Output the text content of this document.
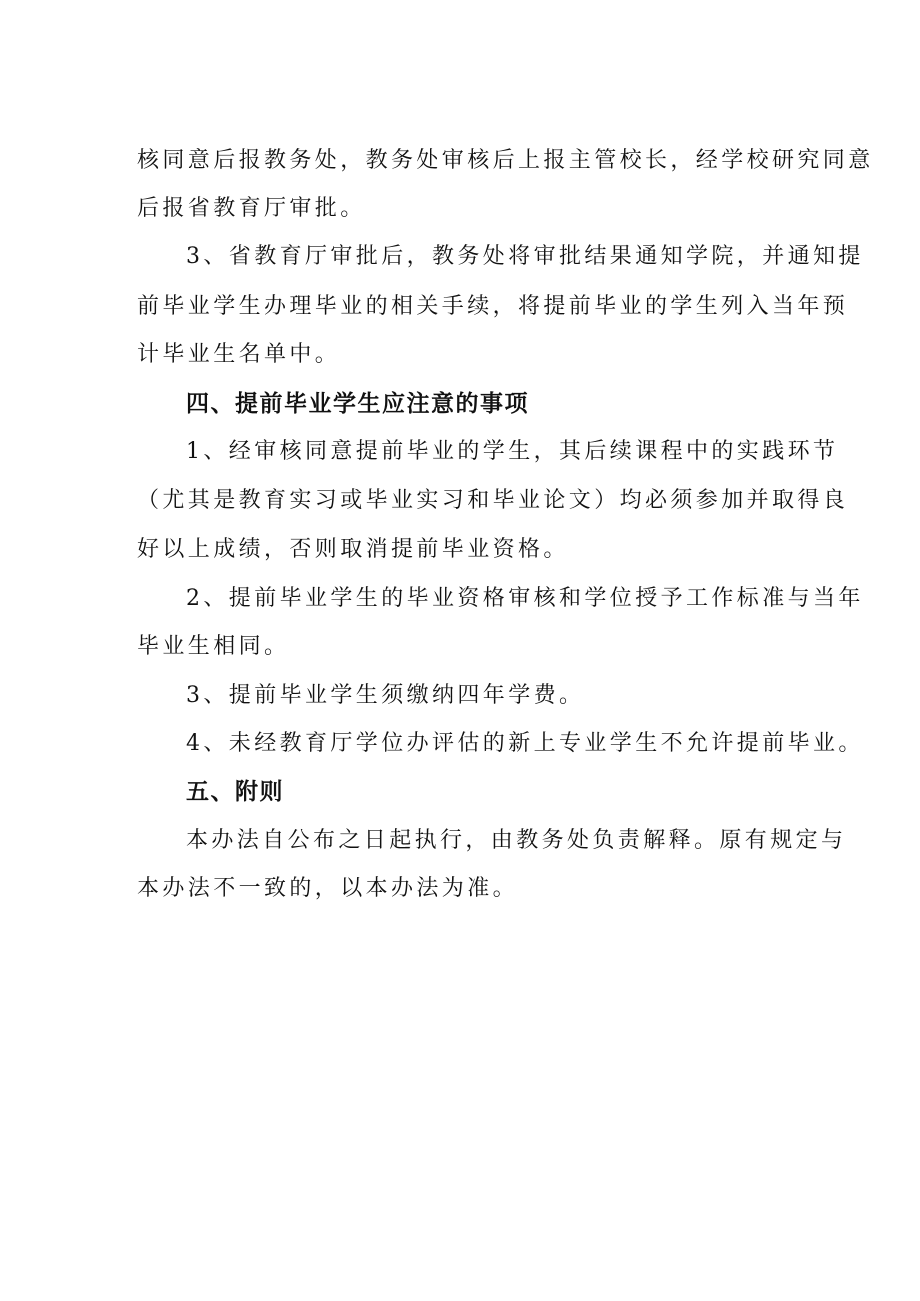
核同意后报教务处，教务处审核后上报主管校长，经学校研究同意
后报省教育厅审批。
3、省教育厅审批后，教务处将审批结果通知学院，并通知提
前毕业学生办理毕业的相关手续，将提前毕业的学生列入当年预
计毕业生名单中。
四、提前毕业学生应注意的事项
1、经审核同意提前毕业的学生，其后续课程中的实践环节
（尤其是教育实习或毕业实习和毕业论文）均必须参加并取得良
好以上成绩，否则取消提前毕业资格。
2、提前毕业学生的毕业资格审核和学位授予工作标准与当年
毕业生相同。
3、提前毕业学生须缴纳四年学费。
4、未经教育厅学位办评估的新上专业学生不允许提前毕业。
五、附则
本办法自公布之日起执行，由教务处负责解释。原有规定与
本办法不一致的，以本办法为准。
